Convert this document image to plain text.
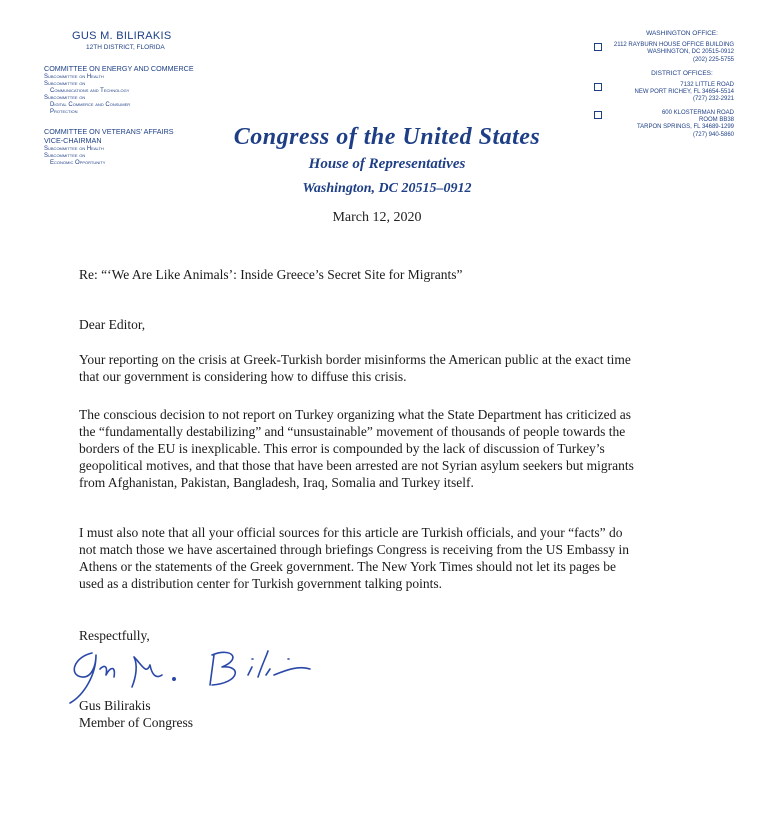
GUS M. BILIRAKIS
12TH DISTRICT, FLORIDA
COMMITTEE ON ENERGY AND COMMERCE
Subcommittee on Health
Subcommittee on
Communications and Technology
Subcommittee on
Digital Commerce and Consumer
Protection
COMMITTEE ON VETERANS' AFFAIRS
VICE-CHAIRMAN
Subcommittee on Health
Subcommittee on
Economic Opportunity
Congress of the United States
House of Representatives
Washington, DC 20515–0912
March 12, 2020
WASHINGTON OFFICE:
2112 RAYBURN HOUSE OFFICE BUILDING
WASHINGTON, DC 20515-0912
(202) 225-5755
DISTRICT OFFICES:
7132 LITTLE ROAD
NEW PORT RICHEY, FL 34654-5514
(727) 232-2921
600 KLOSTERMAN ROAD
ROOM BB38
TARPON SPRINGS, FL 34689-1299
(727) 940-5860
Re: “‘We Are Like Animals’: Inside Greece’s Secret Site for Migrants”
Dear Editor,
Your reporting on the crisis at Greek-Turkish border misinforms the American public at the exact time that our government is considering how to diffuse this crisis.
The conscious decision to not report on Turkey organizing what the State Department has criticized as the “fundamentally destabilizing” and “unsustainable” movement of thousands of people towards the borders of the EU is inexplicable. This error is compounded by the lack of discussion of Turkey’s geopolitical motives, and that those that have been arrested are not Syrian asylum seekers but migrants from Afghanistan, Pakistan, Bangladesh, Iraq, Somalia and Turkey itself.
I must also note that all your official sources for this article are Turkish officials, and your “facts” do not match those we have ascertained through briefings Congress is receiving from the US Embassy in Athens or the statements of the Greek government. The New York Times should not let its pages be used as a distribution center for Turkish government talking points.
Respectfully,
Gus Bilirakis
Member of Congress
